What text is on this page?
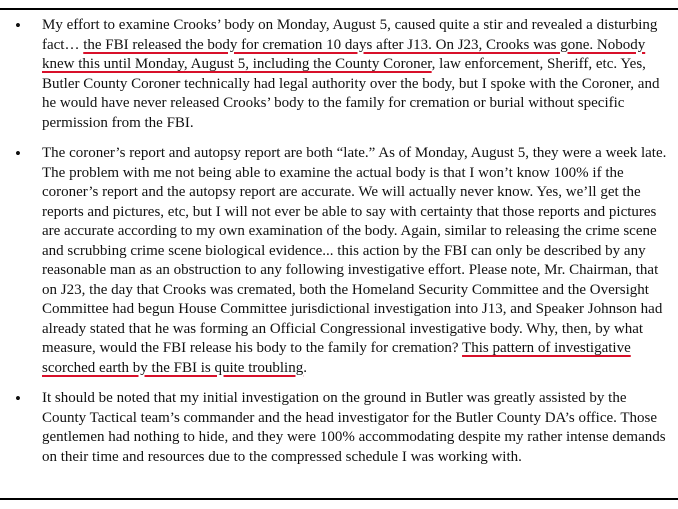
• My effort to examine Crooks’ body on Monday, August 5, caused quite a stir and revealed a disturbing fact… the FBI released the body for cremation 10 days after J13. On J23, Crooks was gone. Nobody knew this until Monday, August 5, including the County Coroner, law enforcement, Sheriff, etc. Yes, Butler County Coroner technically had legal authority over the body, but I spoke with the Coroner, and he would have never released Crooks’ body to the family for cremation or burial without specific permission from the FBI.

• The coroner’s report and autopsy report are both “late.” As of Monday, August 5, they were a week late. The problem with me not being able to examine the actual body is that I won’t know 100% if the coroner’s report and the autopsy report are accurate. We will actually never know. Yes, we’ll get the reports and pictures, etc, but I will not ever be able to say with certainty that those reports and pictures are accurate according to my own examination of the body. Again, similar to releasing the crime scene and scrubbing crime scene biological evidence... this action by the FBI can only be described by any reasonable man as an obstruction to any following investigative effort. Please note, Mr. Chairman, that on J23, the day that Crooks was cremated, both the Homeland Security Committee and the Oversight Committee had begun House Committee jurisdictional investigation into J13, and Speaker Johnson had already stated that he was forming an Official Congressional investigative body. Why, then, by what measure, would the FBI release his body to the family for cremation? This pattern of investigative scorched earth by the FBI is quite troubling.

• It should be noted that my initial investigation on the ground in Butler was greatly assisted by the County Tactical team’s commander and the head investigator for the Butler County DA’s office. Those gentlemen had nothing to hide, and they were 100% accommodating despite my rather intense demands on their time and resources due to the compressed schedule I was working with.
